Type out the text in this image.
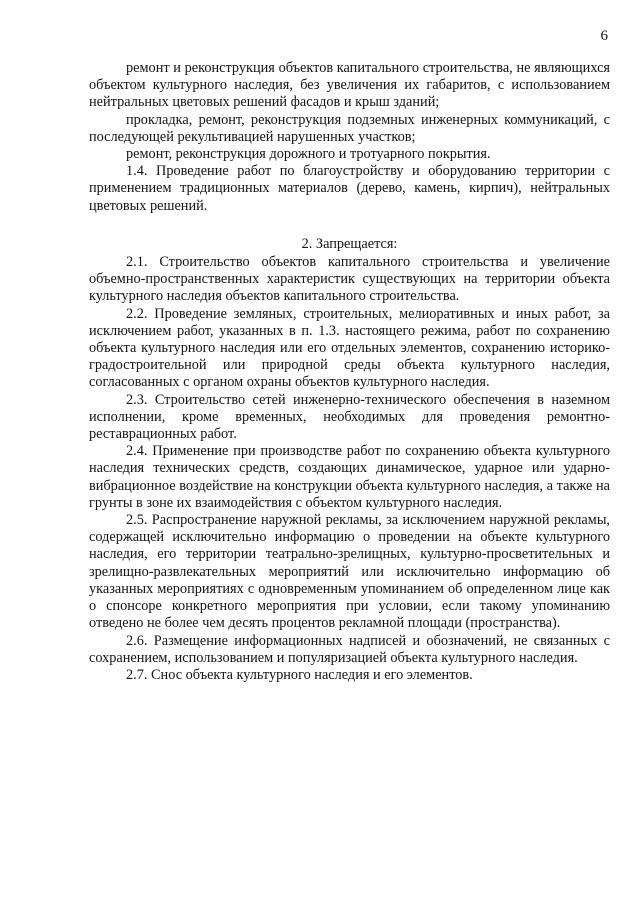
6

ремонт и реконструкция объектов капитального строительства, не являющихся объектом культурного наследия, без увеличения их габаритов, с использованием нейтральных цветовых решений фасадов и крыш зданий;

прокладка, ремонт, реконструкция подземных инженерных коммуникаций, с последующей рекультивацией нарушенных участков;

ремонт, реконструкция дорожного и тротуарного покрытия.

1.4. Проведение работ по благоустройству и оборудованию территории с применением традиционных материалов (дерево, камень, кирпич), нейтральных цветовых решений.

2. Запрещается:

2.1. Строительство объектов капитального строительства и увеличение объемно-пространственных характеристик существующих на территории объекта культурного наследия объектов капитального строительства.

2.2. Проведение земляных, строительных, мелиоративных и иных работ, за исключением работ, указанных в п. 1.3. настоящего режима, работ по сохранению объекта культурного наследия или его отдельных элементов, сохранению историко-градостроительной или природной среды объекта культурного наследия, согласованных с органом охраны объектов культурного наследия.

2.3. Строительство сетей инженерно-технического обеспечения в наземном исполнении, кроме временных, необходимых для проведения ремонтно-реставрационных работ.

2.4. Применение при производстве работ по сохранению объекта культурного наследия технических средств, создающих динамическое, ударное или ударно-вибрационное воздействие на конструкции объекта культурного наследия, а также на грунты в зоне их взаимодействия с объектом культурного наследия.

2.5. Распространение наружной рекламы, за исключением наружной рекламы, содержащей исключительно информацию о проведении на объекте культурного наследия, его территории театрально-зрелищных, культурно-просветительных и зрелищно-развлекательных мероприятий или исключительно информацию об указанных мероприятиях с одновременным упоминанием об определенном лице как о спонсоре конкретного мероприятия при условии, если такому упоминанию отведено не более чем десять процентов рекламной площади (пространства).

2.6. Размещение информационных надписей и обозначений, не связанных с сохранением, использованием и популяризацией объекта культурного наследия.

2.7. Снос объекта культурного наследия и его элементов.
